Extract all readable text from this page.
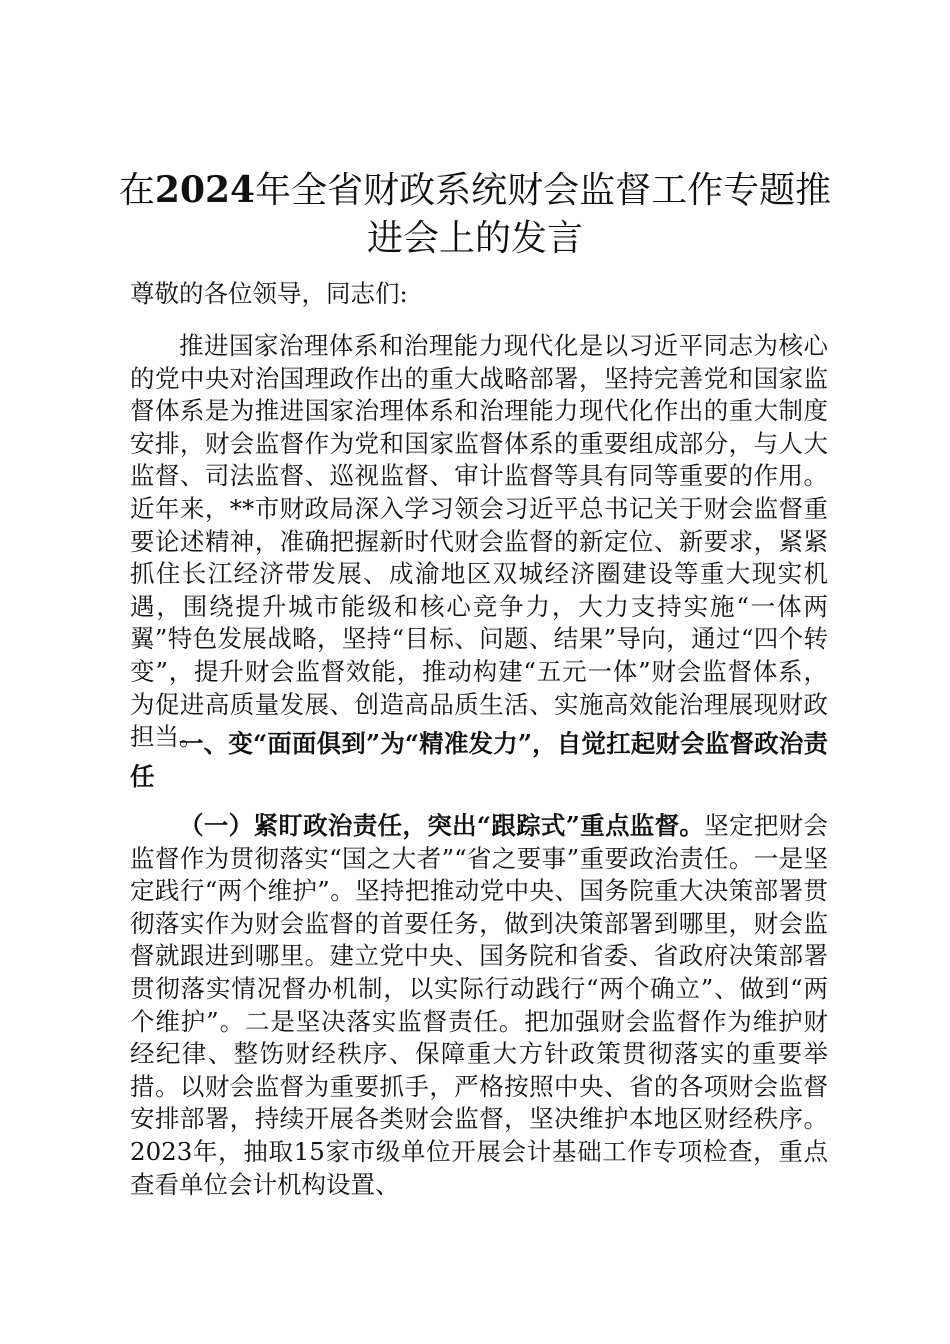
在2024年全省财政系统财会监督工作专题推进会上的发言

尊敬的各位领导，同志们:

推进国家治理体系和治理能力现代化是以习近平同志为核心的党中央对治国理政作出的重大战略部署，坚持完善党和国家监督体系是为推进国家治理体系和治理能力现代化作出的重大制度安排，财会监督作为党和国家监督体系的重要组成部分，与人大监督、司法监督、巡视监督、审计监督等具有同等重要的作用。近年来，**市财政局深入学习领会习近平总书记关于财会监督重要论述精神，准确把握新时代财会监督的新定位、新要求，紧紧抓住长江经济带发展、成渝地区双城经济圈建设等重大现实机遇，围绕提升城市能级和核心竞争力，大力支持实施“一体两翼”特色发展战略，坚持“目标、问题、结果”导向，通过“四个转变”，提升财会监督效能，推动构建“五元一体”财会监督体系，为促进高质量发展、创造高品质生活、实施高效能治理展现财政担当。

一、变“面面俱到”为“精准发力”，自觉扛起财会监督政治责任

（一）紧盯政治责任，突出“跟踪式”重点监督。坚定把财会监督作为贯彻落实“国之大者”“省之要事”重要政治责任。一是坚定践行“两个维护”。坚持把推动党中央、国务院重大决策部署贯彻落实作为财会监督的首要任务，做到决策部署到哪里，财会监督就跟进到哪里。建立党中央、国务院和省委、省政府决策部署贯彻落实情况督办机制，以实际行动践行“两个确立”、做到“两个维护”。二是坚决落实监督责任。把加强财会监督作为维护财经纪律、整饬财经秩序、保障重大方针政策贯彻落实的重要举措。以财会监督为重要抓手，严格按照中央、省的各项财会监督安排部署，持续开展各类财会监督，坚决维护本地区财经秩序。2023年，抽取15家市级单位开展会计基础工作专项检查，重点查看单位会计机构设置、
